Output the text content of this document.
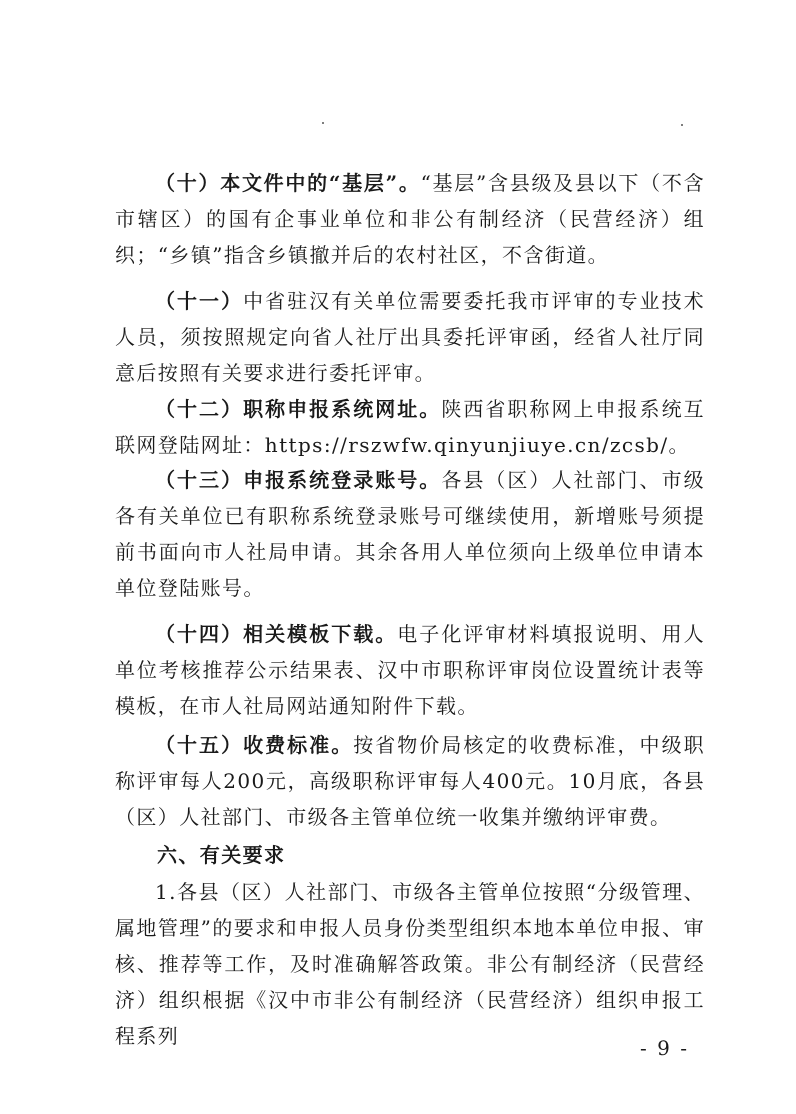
（十）本文件中的“基层”。“基层”含县级及县以下（不含市辖区）的国有企事业单位和非公有制经济（民营经济）组织；“乡镇”指含乡镇撤并后的农村社区，不含街道。
（十一）中省驻汉有关单位需要委托我市评审的专业技术人员，须按照规定向省人社厅出具委托评审函，经省人社厅同意后按照有关要求进行委托评审。
（十二）职称申报系统网址。陕西省职称网上申报系统互联网登陆网址：https://rszwfw.qinyunjiuye.cn/zcsb/。
（十三）申报系统登录账号。各县（区）人社部门、市级各有关单位已有职称系统登录账号可继续使用，新增账号须提前书面向市人社局申请。其余各用人单位须向上级单位申请本单位登陆账号。
（十四）相关模板下载。电子化评审材料填报说明、用人单位考核推荐公示结果表、汉中市职称评审岗位设置统计表等模板，在市人社局网站通知附件下载。
（十五）收费标准。按省物价局核定的收费标准，中级职称评审每人200元，高级职称评审每人400元。10月底，各县（区）人社部门、市级各主管单位统一收集并缴纳评审费。
六、有关要求
1.各县（区）人社部门、市级各主管单位按照“分级管理、属地管理”的要求和申报人员身份类型组织本地本单位申报、审核、推荐等工作，及时准确解答政策。非公有制经济（民营经济）组织根据《汉中市非公有制经济（民营经济）组织申报工程系列	- 9 -
